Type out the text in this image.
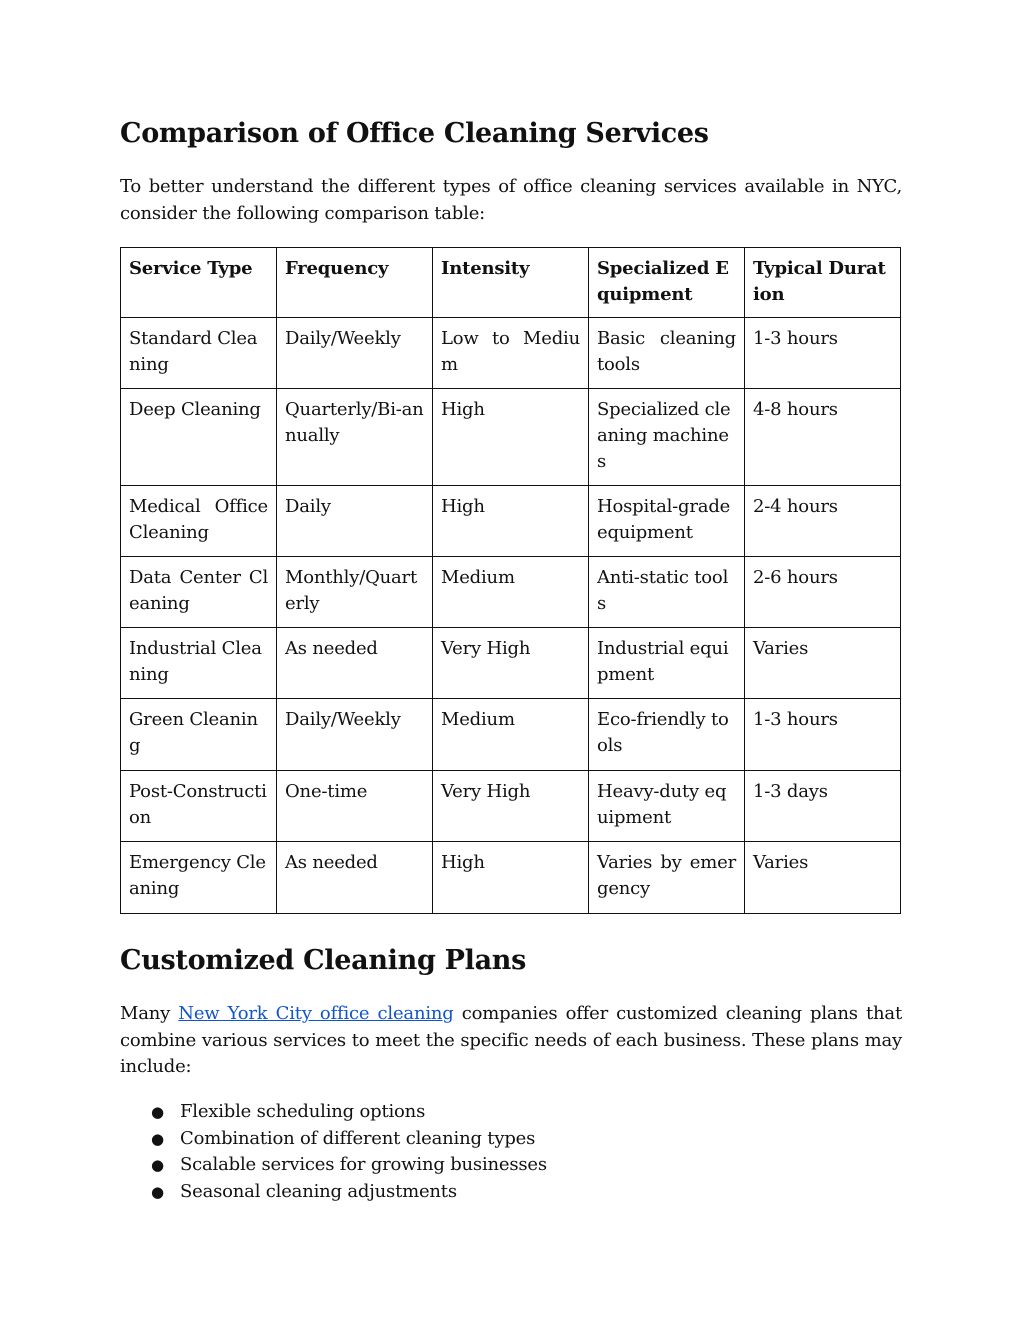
Comparison of Office Cleaning Services

To better understand the different types of office cleaning services available in NYC, consider the following comparison table:

Service Type	Frequency	Intensity	Specialized Equipment	Typical Duration
Standard Cleaning	Daily/Weekly	Low to Medium	Basic cleaning tools	1-3 hours
Deep Cleaning	Quarterly/Bi-annually	High	Specialized cleaning machines	4-8 hours
Medical Office Cleaning	Daily	High	Hospital-grade equipment	2-4 hours
Data Center Cleaning	Monthly/Quarterly	Medium	Anti-static tools	2-6 hours
Industrial Cleaning	As needed	Very High	Industrial equipment	Varies
Green Cleaning	Daily/Weekly	Medium	Eco-friendly tools	1-3 hours
Post-Construction	One-time	Very High	Heavy-duty equipment	1-3 days
Emergency Cleaning	As needed	High	Varies by emergency	Varies
Customized Cleaning Plans

Many New York City office cleaning companies offer customized cleaning plans that combine various services to meet the specific needs of each business. These plans may include:

● Flexible scheduling options
● Combination of different cleaning types
● Scalable services for growing businesses
● Seasonal cleaning adjustments
